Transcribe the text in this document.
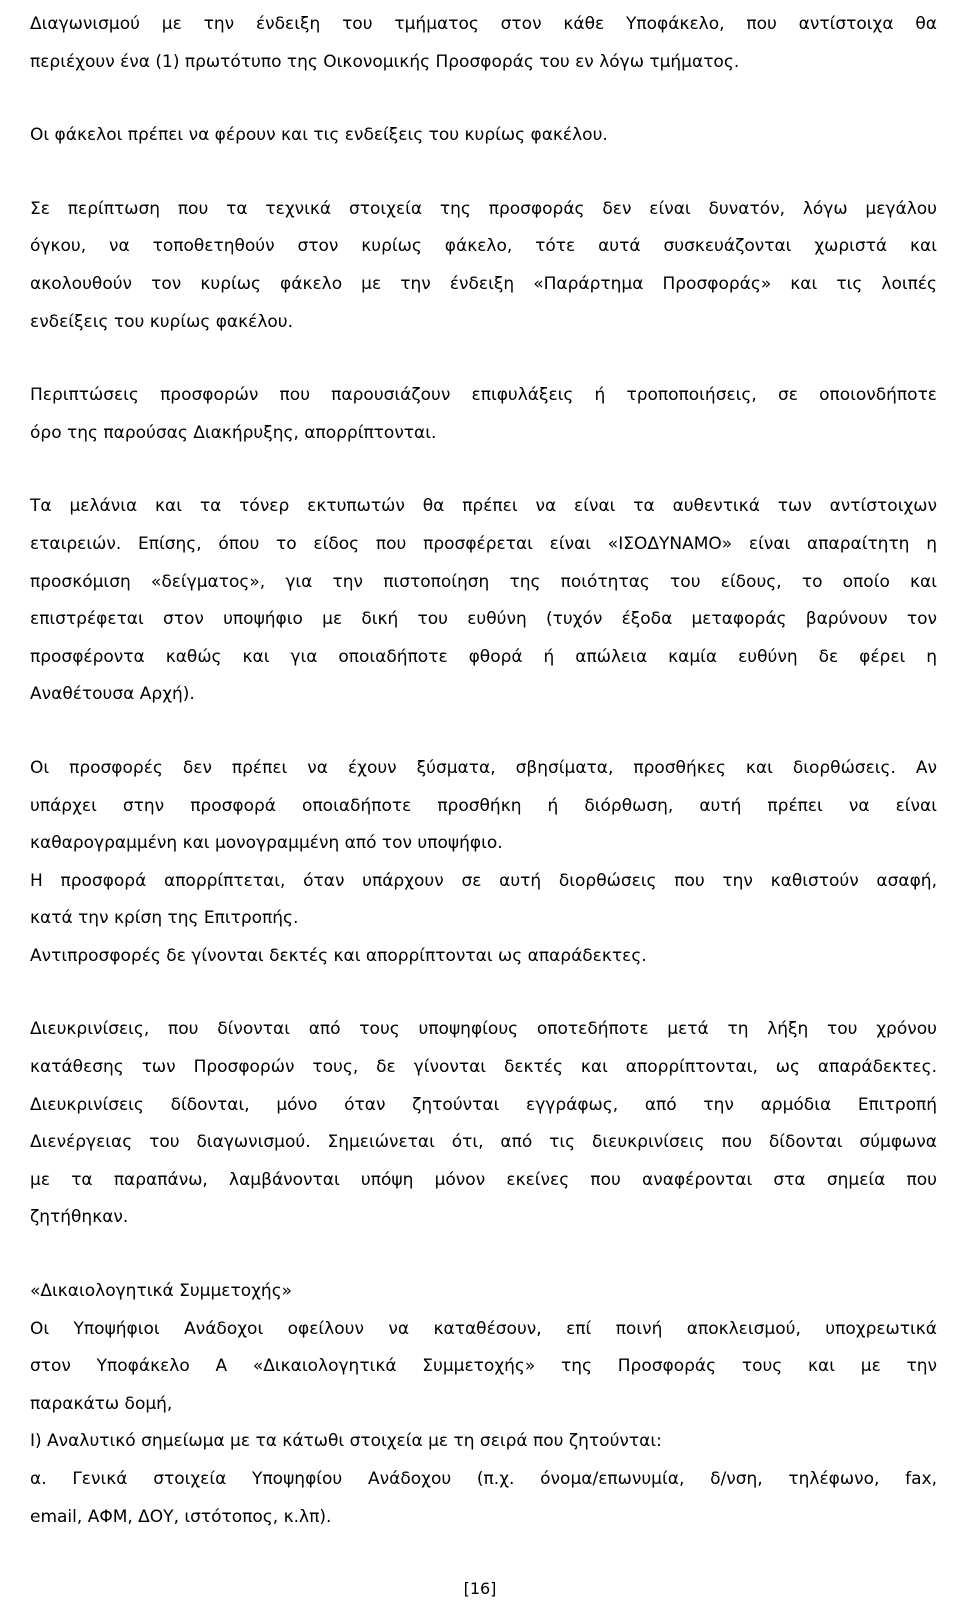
Διαγωνισμού με την ένδειξη του τμήματος στον κάθε Υποφάκελο, που αντίστοιχα θα
περιέχουν ένα (1) πρωτότυπο της Οικονομικής Προσφοράς του εν λόγω τμήματος.

Οι φάκελοι πρέπει να φέρουν και τις ενδείξεις του κυρίως φακέλου.

Σε περίπτωση που τα τεχνικά στοιχεία της προσφοράς δεν είναι δυνατόν, λόγω μεγάλου
όγκου, να τοποθετηθούν στον κυρίως φάκελο, τότε αυτά συσκευάζονται χωριστά και
ακολουθούν τον κυρίως φάκελο με την ένδειξη «Παράρτημα Προσφοράς» και τις λοιπές
ενδείξεις του κυρίως φακέλου.

Περιπτώσεις προσφορών που παρουσιάζουν επιφυλάξεις ή τροποποιήσεις, σε οποιονδήποτε
όρο της παρούσας Διακήρυξης, απορρίπτονται.

Τα μελάνια και τα τόνερ εκτυπωτών θα πρέπει να είναι τα αυθεντικά των αντίστοιχων
εταιρειών. Επίσης, όπου το είδος που προσφέρεται είναι «ΙΣΟΔΥΝΑΜΟ» είναι απαραίτητη η
προσκόμιση «δείγματος», για την πιστοποίηση της ποιότητας του είδους, το οποίο και
επιστρέφεται στον υποψήφιο με δική του ευθύνη (τυχόν έξοδα μεταφοράς βαρύνουν τον
προσφέροντα καθώς και για οποιαδήποτε φθορά ή απώλεια καμία ευθύνη δε φέρει η
Αναθέτουσα Αρχή).

Οι προσφορές δεν πρέπει να έχουν ξύσματα, σβησίματα, προσθήκες και διορθώσεις. Αν
υπάρχει στην προσφορά οποιαδήποτε προσθήκη ή διόρθωση, αυτή πρέπει να είναι
καθαρογραμμένη και μονογραμμένη από τον υποψήφιο.
Η προσφορά απορρίπτεται, όταν υπάρχουν σε αυτή διορθώσεις που την καθιστούν ασαφή,
κατά την κρίση της Επιτροπής.
Αντιπροσφορές δε γίνονται δεκτές και απορρίπτονται ως απαράδεκτες.

Διευκρινίσεις, που δίνονται από τους υποψηφίους οποτεδήποτε μετά τη λήξη του χρόνου
κατάθεσης των Προσφορών τους, δε γίνονται δεκτές και απορρίπτονται, ως απαράδεκτες.
Διευκρινίσεις δίδονται, μόνο όταν ζητούνται εγγράφως, από την αρμόδια Επιτροπή
Διενέργειας του διαγωνισμού. Σημειώνεται ότι, από τις διευκρινίσεις που δίδονται σύμφωνα
με τα παραπάνω, λαμβάνονται υπόψη μόνον εκείνες που αναφέρονται στα σημεία που
ζητήθηκαν.

«Δικαιολογητικά Συμμετοχής»
Οι Υποψήφιοι Ανάδοχοι οφείλουν να καταθέσουν, επί ποινή αποκλεισμού, υποχρεωτικά
στον Υποφάκελο Α «Δικαιολογητικά Συμμετοχής» της Προσφοράς τους και με την
παρακάτω δομή,
Ι) Αναλυτικό σημείωμα με τα κάτωθι στοιχεία με τη σειρά που ζητούνται:
α. Γενικά στοιχεία Υποψηφίου Ανάδοχου (π.χ. όνομα/επωνυμία, δ/νση, τηλέφωνο, fax,
email, ΑΦΜ, ΔΟΥ, ιστότοπος, κ.λπ).

[16]
